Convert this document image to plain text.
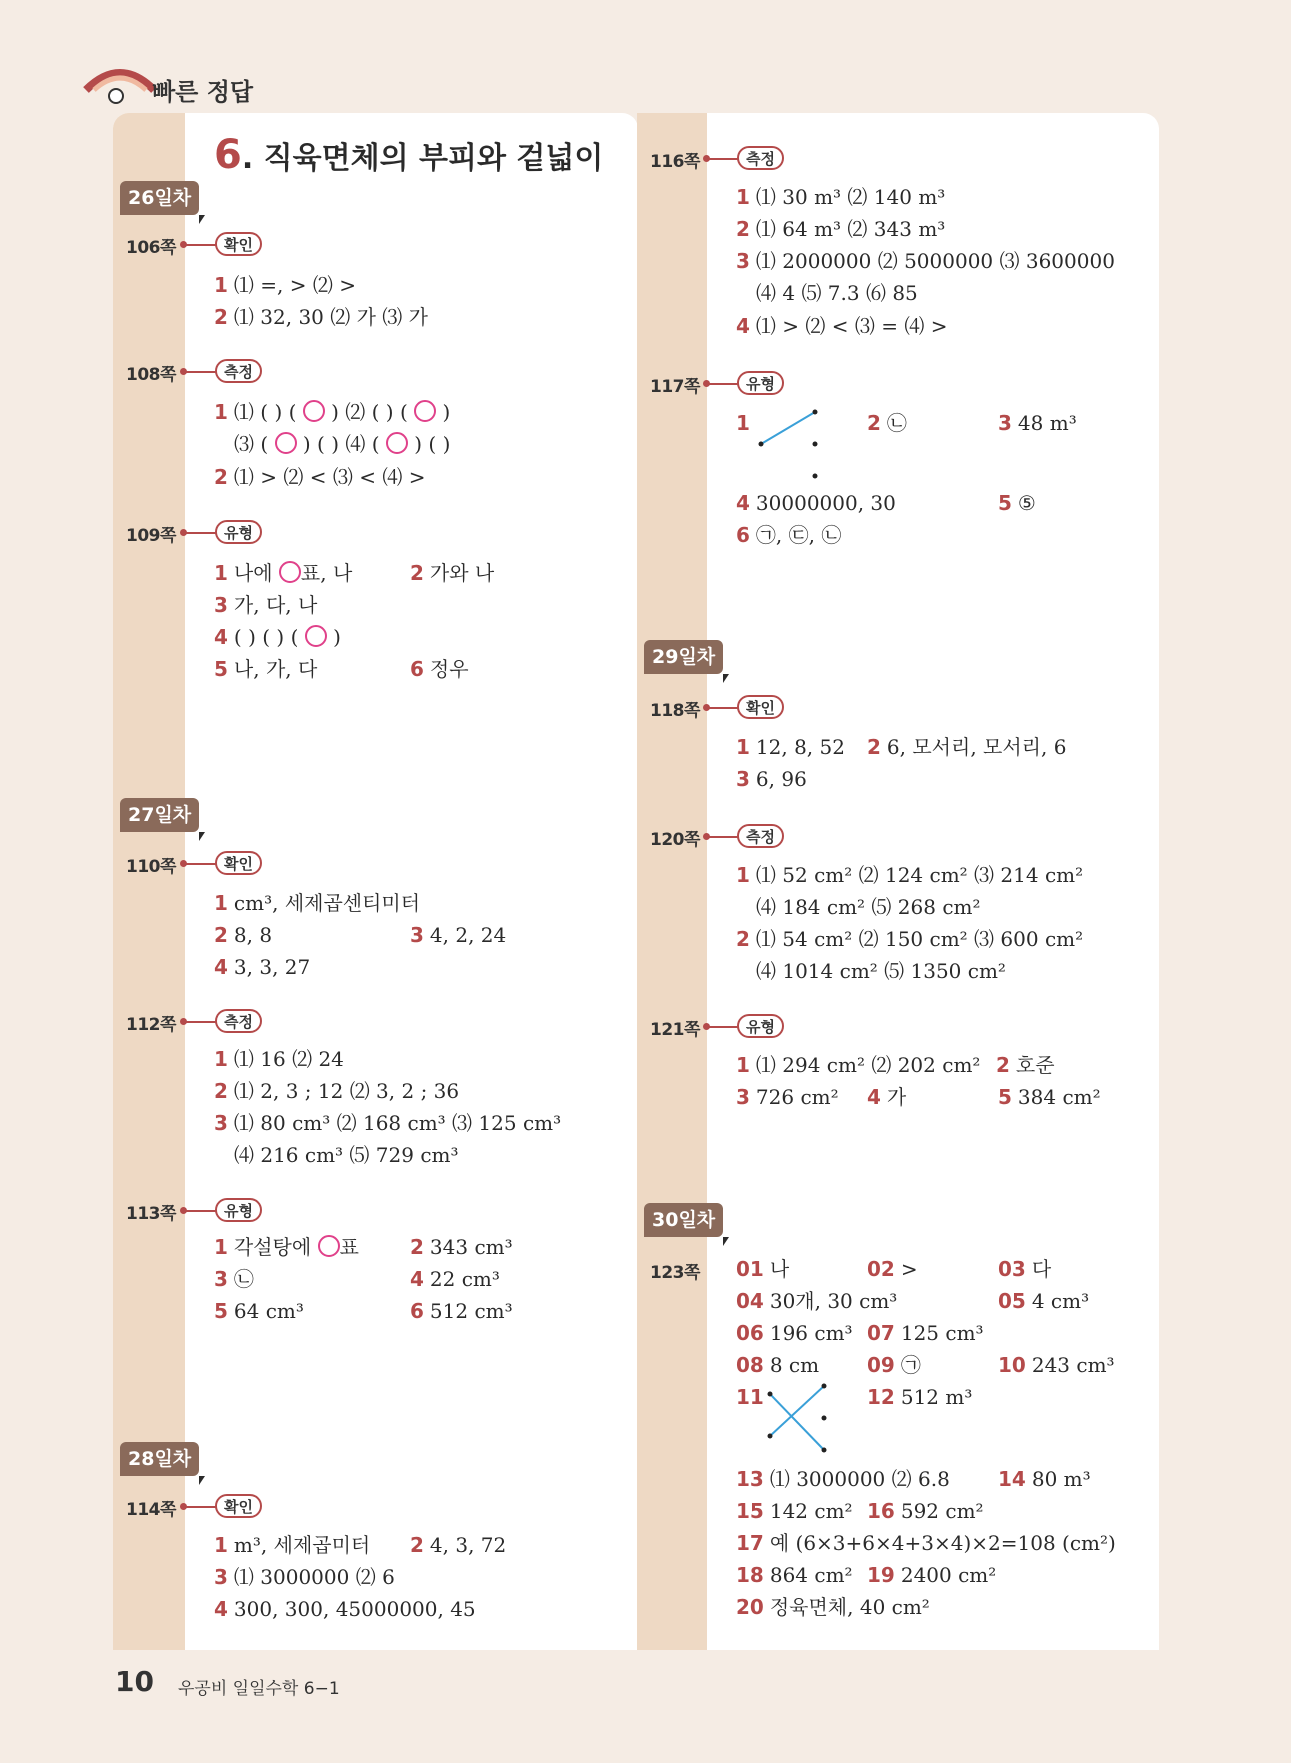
빠른 정답
6. 직육면체의 부피와 겉넓이
26일차
27일차
28일차
29일차
30일차
106쪽	확인
1 ⑴ =, > ⑵ >
2 ⑴ 32, 30 ⑵ 가 ⑶ 가
108쪽	측정
1 ⑴ ( ) ( ○ ) ⑵ ( ) ( ○ )
⑶ ( ○ ) ( ) ⑷ ( ○ ) ( )
2 ⑴ > ⑵ < ⑶ < ⑷ >
109쪽	유형
1 나에 ○표, 나	2 가와 나
3 가, 다, 나
4 ( ) ( ) ( ○ )
5 나, 가, 다	6 정우
110쪽	확인
1 cm³, 세제곱센티미터
2 8, 8	3 4, 2, 24
4 3, 3, 27
112쪽	측정
1 ⑴ 16 ⑵ 24
2 ⑴ 2, 3 ; 12 ⑵ 3, 2 ; 36
3 ⑴ 80 cm³ ⑵ 168 cm³ ⑶ 125 cm³
⑷ 216 cm³ ⑸ 729 cm³
113쪽	유형
1 각설탕에 ○표	2 343 cm³
3 ㉡	4 22 cm³
5 64 cm³	6 512 cm³
114쪽	확인
1 m³, 세제곱미터 2 4, 3, 72
3 ⑴ 3000000 ⑵ 6
4 300, 300, 45000000, 45
116쪽	측정
1 ⑴ 30 m³ ⑵ 140 m³
2 ⑴ 64 m³ ⑵ 343 m³
3 ⑴ 2000000 ⑵ 5000000 ⑶ 3600000
⑷ 4 ⑸ 7.3 ⑹ 85
4 ⑴ > ⑵ < ⑶ = ⑷ >
117쪽	유형
1	2 ㉡	3 48 m³
4 30000000, 30	5 ⑤
6 ㉠, ㉢, ㉡
118쪽	확인
1 12, 8, 52 2 6, 모서리, 모서리, 6
3 6, 96
120쪽	측정
1 ⑴ 52 cm² ⑵ 124 cm² ⑶ 214 cm²
⑷ 184 cm² ⑸ 268 cm²
2 ⑴ 54 cm² ⑵ 150 cm² ⑶ 600 cm²
⑷ 1014 cm² ⑸ 1350 cm²
121쪽	유형
1 ⑴ 294 cm² ⑵ 202 cm² 2 호준
3 726 cm² 4 가	5 384 cm²
123쪽 01 나	02 >	03 다
04 30개, 30 cm³	05 4 cm³
06 196 cm³ 07 125 cm³
08 8 cm 09 ㉠	10 243 cm³
11	12 512 m³
13 ⑴ 3000000 ⑵ 6.8 14 80 m³
15 142 cm² 16 592 cm²
17 예 (6×3+6×4+3×4)×2=108 (cm²)
18 864 cm² 19 2400 cm²
20 정육면체, 40 cm²
10 우공비 일일수학 6−1
